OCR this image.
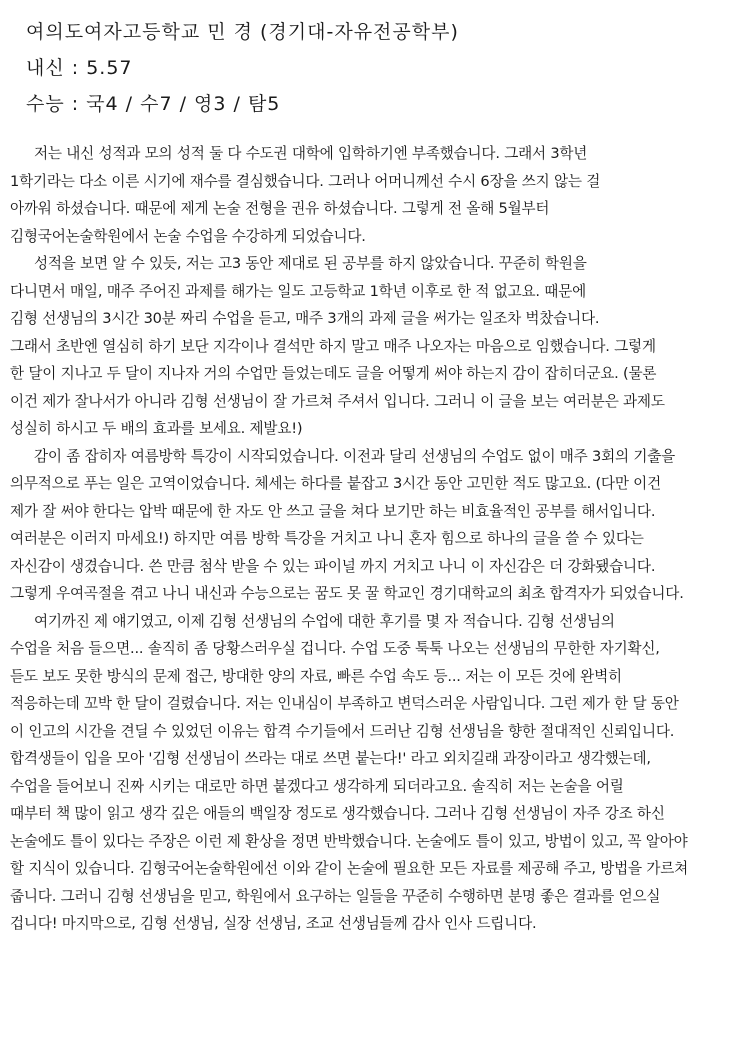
여의도여자고등학교 민 경 (경기대-자유전공학부)
내신 : 5.57
수능 : 국4 / 수7 / 영3 / 탐5
저는 내신 성적과 모의 성적 둘 다 수도권 대학에 입학하기엔 부족했습니다. 그래서 3학년
1학기라는 다소 이른 시기에 재수를 결심했습니다. 그러나 어머니께선 수시 6장을 쓰지 않는 걸
아까워 하셨습니다. 때문에 제게 논술 전형을 권유 하셨습니다. 그렇게 전 올해 5월부터
김형국어논술학원에서 논술 수업을 수강하게 되었습니다.
성적을 보면 알 수 있듯, 저는 고3 동안 제대로 된 공부를 하지 않았습니다. 꾸준히 학원을
다니면서 매일, 매주 주어진 과제를 해가는 일도 고등학교 1학년 이후로 한 적 없고요. 때문에
김형 선생님의 3시간 30분 짜리 수업을 듣고, 매주 3개의 과제 글을 써가는 일조차 벅찼습니다.
그래서 초반엔 열심히 하기 보단 지각이나 결석만 하지 말고 매주 나오자는 마음으로 임했습니다. 그렇게
한 달이 지나고 두 달이 지나자 거의 수업만 들었는데도 글을 어떻게 써야 하는지 감이 잡히더군요. (물론
이건 제가 잘나서가 아니라 김형 선생님이 잘 가르쳐 주셔서 입니다. 그러니 이 글을 보는 여러분은 과제도
성실히 하시고 두 배의 효과를 보세요. 제발요!)
감이 좀 잡히자 여름방학 특강이 시작되었습니다. 이전과 달리 선생님의 수업도 없이 매주 3회의 기출을
의무적으로 푸는 일은 고역이었습니다. 체세는 하다를 붙잡고 3시간 동안 고민한 적도 많고요. (다만 이건
제가 잘 써야 한다는 압박 때문에 한 자도 안 쓰고 글을 쳐다 보기만 하는 비효율적인 공부를 해서입니다.
여러분은 이러지 마세요!) 하지만 여름 방학 특강을 거치고 나니 혼자 힘으로 하나의 글을 쓸 수 있다는
자신감이 생겼습니다. 쓴 만큼 첨삭 받을 수 있는 파이널 까지 거치고 나니 이 자신감은 더 강화됐습니다.
그렇게 우여곡절을 겪고 나니 내신과 수능으로는 꿈도 못 꿀 학교인 경기대학교의 최초 합격자가 되었습니다.
여기까진 제 얘기였고, 이제 김형 선생님의 수업에 대한 후기를 몇 자 적습니다. 김형 선생님의
수업을 처음 들으면... 솔직히 좀 당황스러우실 겁니다. 수업 도중 툭툭 나오는 선생님의 무한한 자기확신,
듣도 보도 못한 방식의 문제 접근, 방대한 양의 자료, 빠른 수업 속도 등... 저는 이 모든 것에 완벽히
적응하는데 꼬박 한 달이 걸렸습니다. 저는 인내심이 부족하고 변덕스러운 사람입니다. 그런 제가 한 달 동안
이 인고의 시간을 견딜 수 있었던 이유는 합격 수기들에서 드러난 김형 선생님을 향한 절대적인 신뢰입니다.
합격생들이 입을 모아 '김형 선생님이 쓰라는 대로 쓰면 붙는다!' 라고 외치길래 과장이라고 생각했는데,
수업을 들어보니 진짜 시키는 대로만 하면 붙겠다고 생각하게 되더라고요. 솔직히 저는 논술을 어릴
때부터 책 많이 읽고 생각 깊은 애들의 백일장 정도로 생각했습니다. 그러나 김형 선생님이 자주 강조 하신
논술에도 틀이 있다는 주장은 이런 제 환상을 정면 반박했습니다. 논술에도 틀이 있고, 방법이 있고, 꼭 알아야
할 지식이 있습니다. 김형국어논술학원에선 이와 같이 논술에 필요한 모든 자료를 제공해 주고, 방법을 가르쳐
줍니다. 그러니 김형 선생님을 믿고, 학원에서 요구하는 일들을 꾸준히 수행하면 분명 좋은 결과를 얻으실
겁니다! 마지막으로, 김형 선생님, 실장 선생님, 조교 선생님들께 감사 인사 드립니다.
